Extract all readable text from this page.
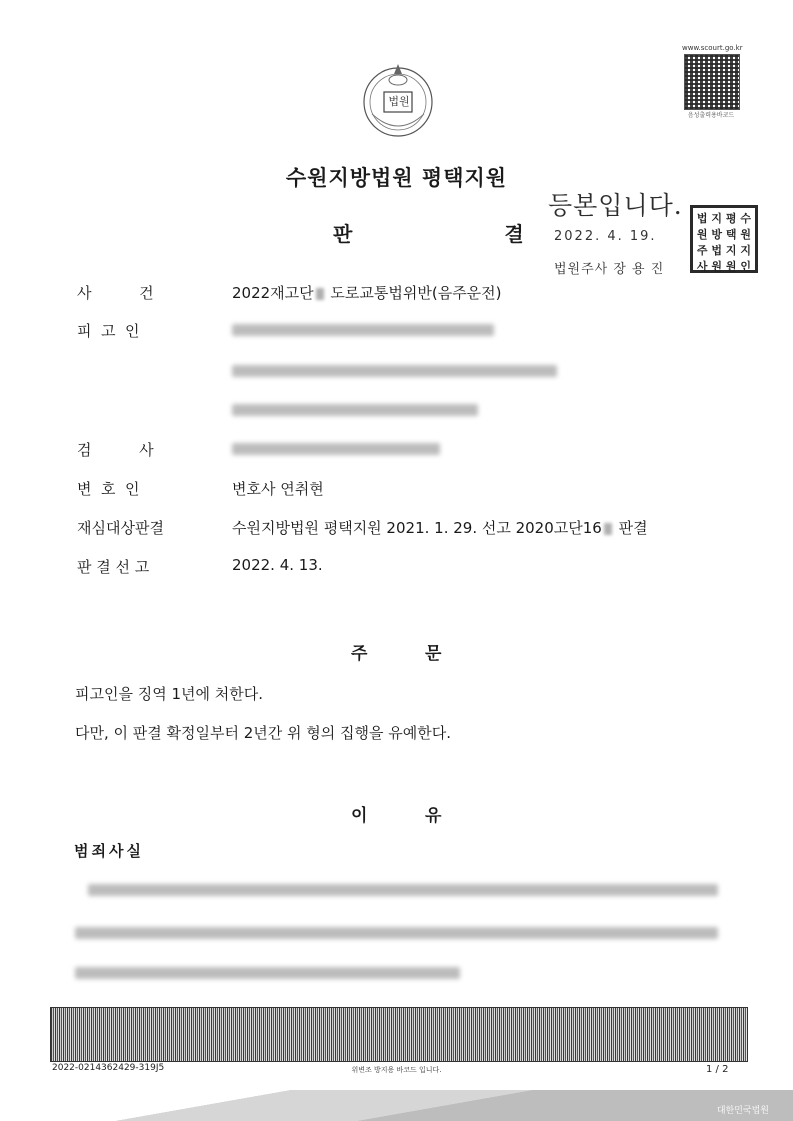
법원
www.scourt.go.kr
음성출력용바코드
수원지방법원 평택지원
판	결
등본입니다.
2022. 4. 19.
법원주사 장 용 진
법 지 평 수
원 방 택 원
주 법 지 지
사 원 원 인
사          건	2022재고단 도로교통법위반(음주운전)
피  고  인
검          사
변  호  인	변호사 연취현
재심대상판결	수원지방법원 평택지원 2021. 1. 29. 선고 2020고단16 판결
판 결 선 고	2022. 4. 13.
주	문
피고인을 징역 1년에 처한다.
다만, 이 판결 확정일부터 2년간 위 형의 집행을 유예한다.
이	유
범죄사실
2022-0214362429-319J5	위변조 방지용 바코드 입니다.	1 / 2
대한민국법원
